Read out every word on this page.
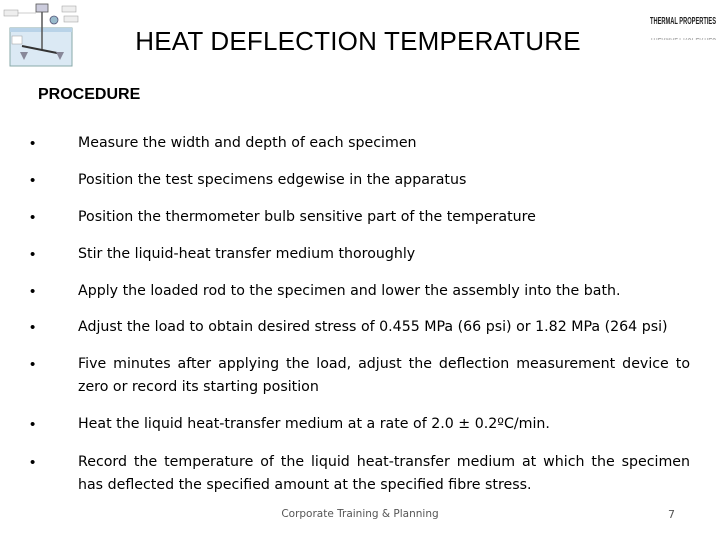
THERMAL PROPERTIES
HEAT DEFLECTION TEMPERATURE
PROCEDURE
•	Measure the width and depth of each specimen
•	Position the test specimens edgewise in the apparatus
•	Position the thermometer bulb sensitive part of the temperature
•	Stir the liquid-heat transfer medium thoroughly
•	Apply the loaded rod to the specimen and lower the assembly into the bath.
•	Adjust the load to obtain desired stress of 0.455 MPa (66 psi) or 1.82 MPa (264 psi)
•	Five minutes after applying the load, adjust the deflection measurement device to zero or record its starting position
•	Heat the liquid heat-transfer medium at a rate of 2.0 ± 0.2ºC/min.
•	Record the temperature of the liquid heat-transfer medium at which the specimen has deflected the specified amount at the specified fibre stress.
Corporate Training & Planning	7
